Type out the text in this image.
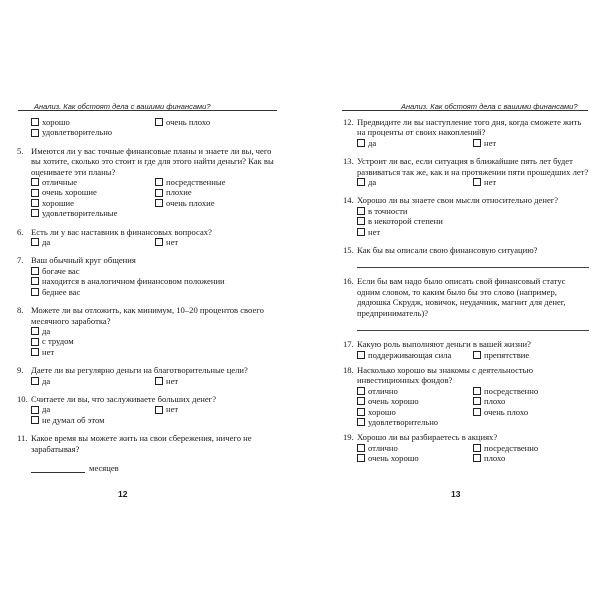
Анализ. Как обстоят дела с вашими финансами?
хорошо	очень плохо
удовлетворительно
5. Имеются ли у вас точные финансовые планы и знаете ли вы, чего вы хотите, сколько это стоит и где для этого найти деньги? Как вы оцениваете эти планы?
отличные	посредственные
очень хорошие	плохие
хорошие	очень плохие
удовлетворительные
6. Есть ли у вас наставник в финансовых вопросах?
да	нет
7. Ваш обычный круг общения
богаче вас
находится в аналогичном финансовом положении
беднее вас
8. Можете ли вы отложить, как минимум, 10–20 процентов своего месячного заработка?
да
с трудом
нет
9. Даете ли вы регулярно деньги на благотворительные цели?
да	нет
10. Считаете ли вы, что заслуживаете больших денег?
да	нет
не думал об этом
11. Какое время вы можете жить на свои сбережения, ничего не зарабатывая?
месяцев
12
Анализ. Как обстоят дела с вашими финансами?
12. Предвидите ли вы наступление того дня, когда сможете жить на проценты от своих накоплений?
да	нет
13. Устроит ли вас, если ситуация в ближайшие пять лет будет развиваться так же, как и на протяжении пяти прошедших лет?
да	нет
14. Хорошо ли вы знаете свои мысли относительно денег?
в точности
в некоторой степени
нет
15. Как бы вы описали свою финансовую ситуацию?
16. Если бы вам надо было описать свой финансовый статус одним словом, то каким было бы это слово (например, дядюшка Скрудж, новичок, неудачник, магнит для денег, предприниматель)?
17. Какую роль выполняют деньги в вашей жизни?
поддерживающая сила	препятствие
18. Насколько хорошо вы знакомы с деятельностью инвестиционных фондов?
отлично	посредственно
очень хорошо	плохо
хорошо	очень плохо
удовлетворительно
19. Хорошо ли вы разбираетесь в акциях?
отлично	посредственно
очень хорошо	плохо
13
